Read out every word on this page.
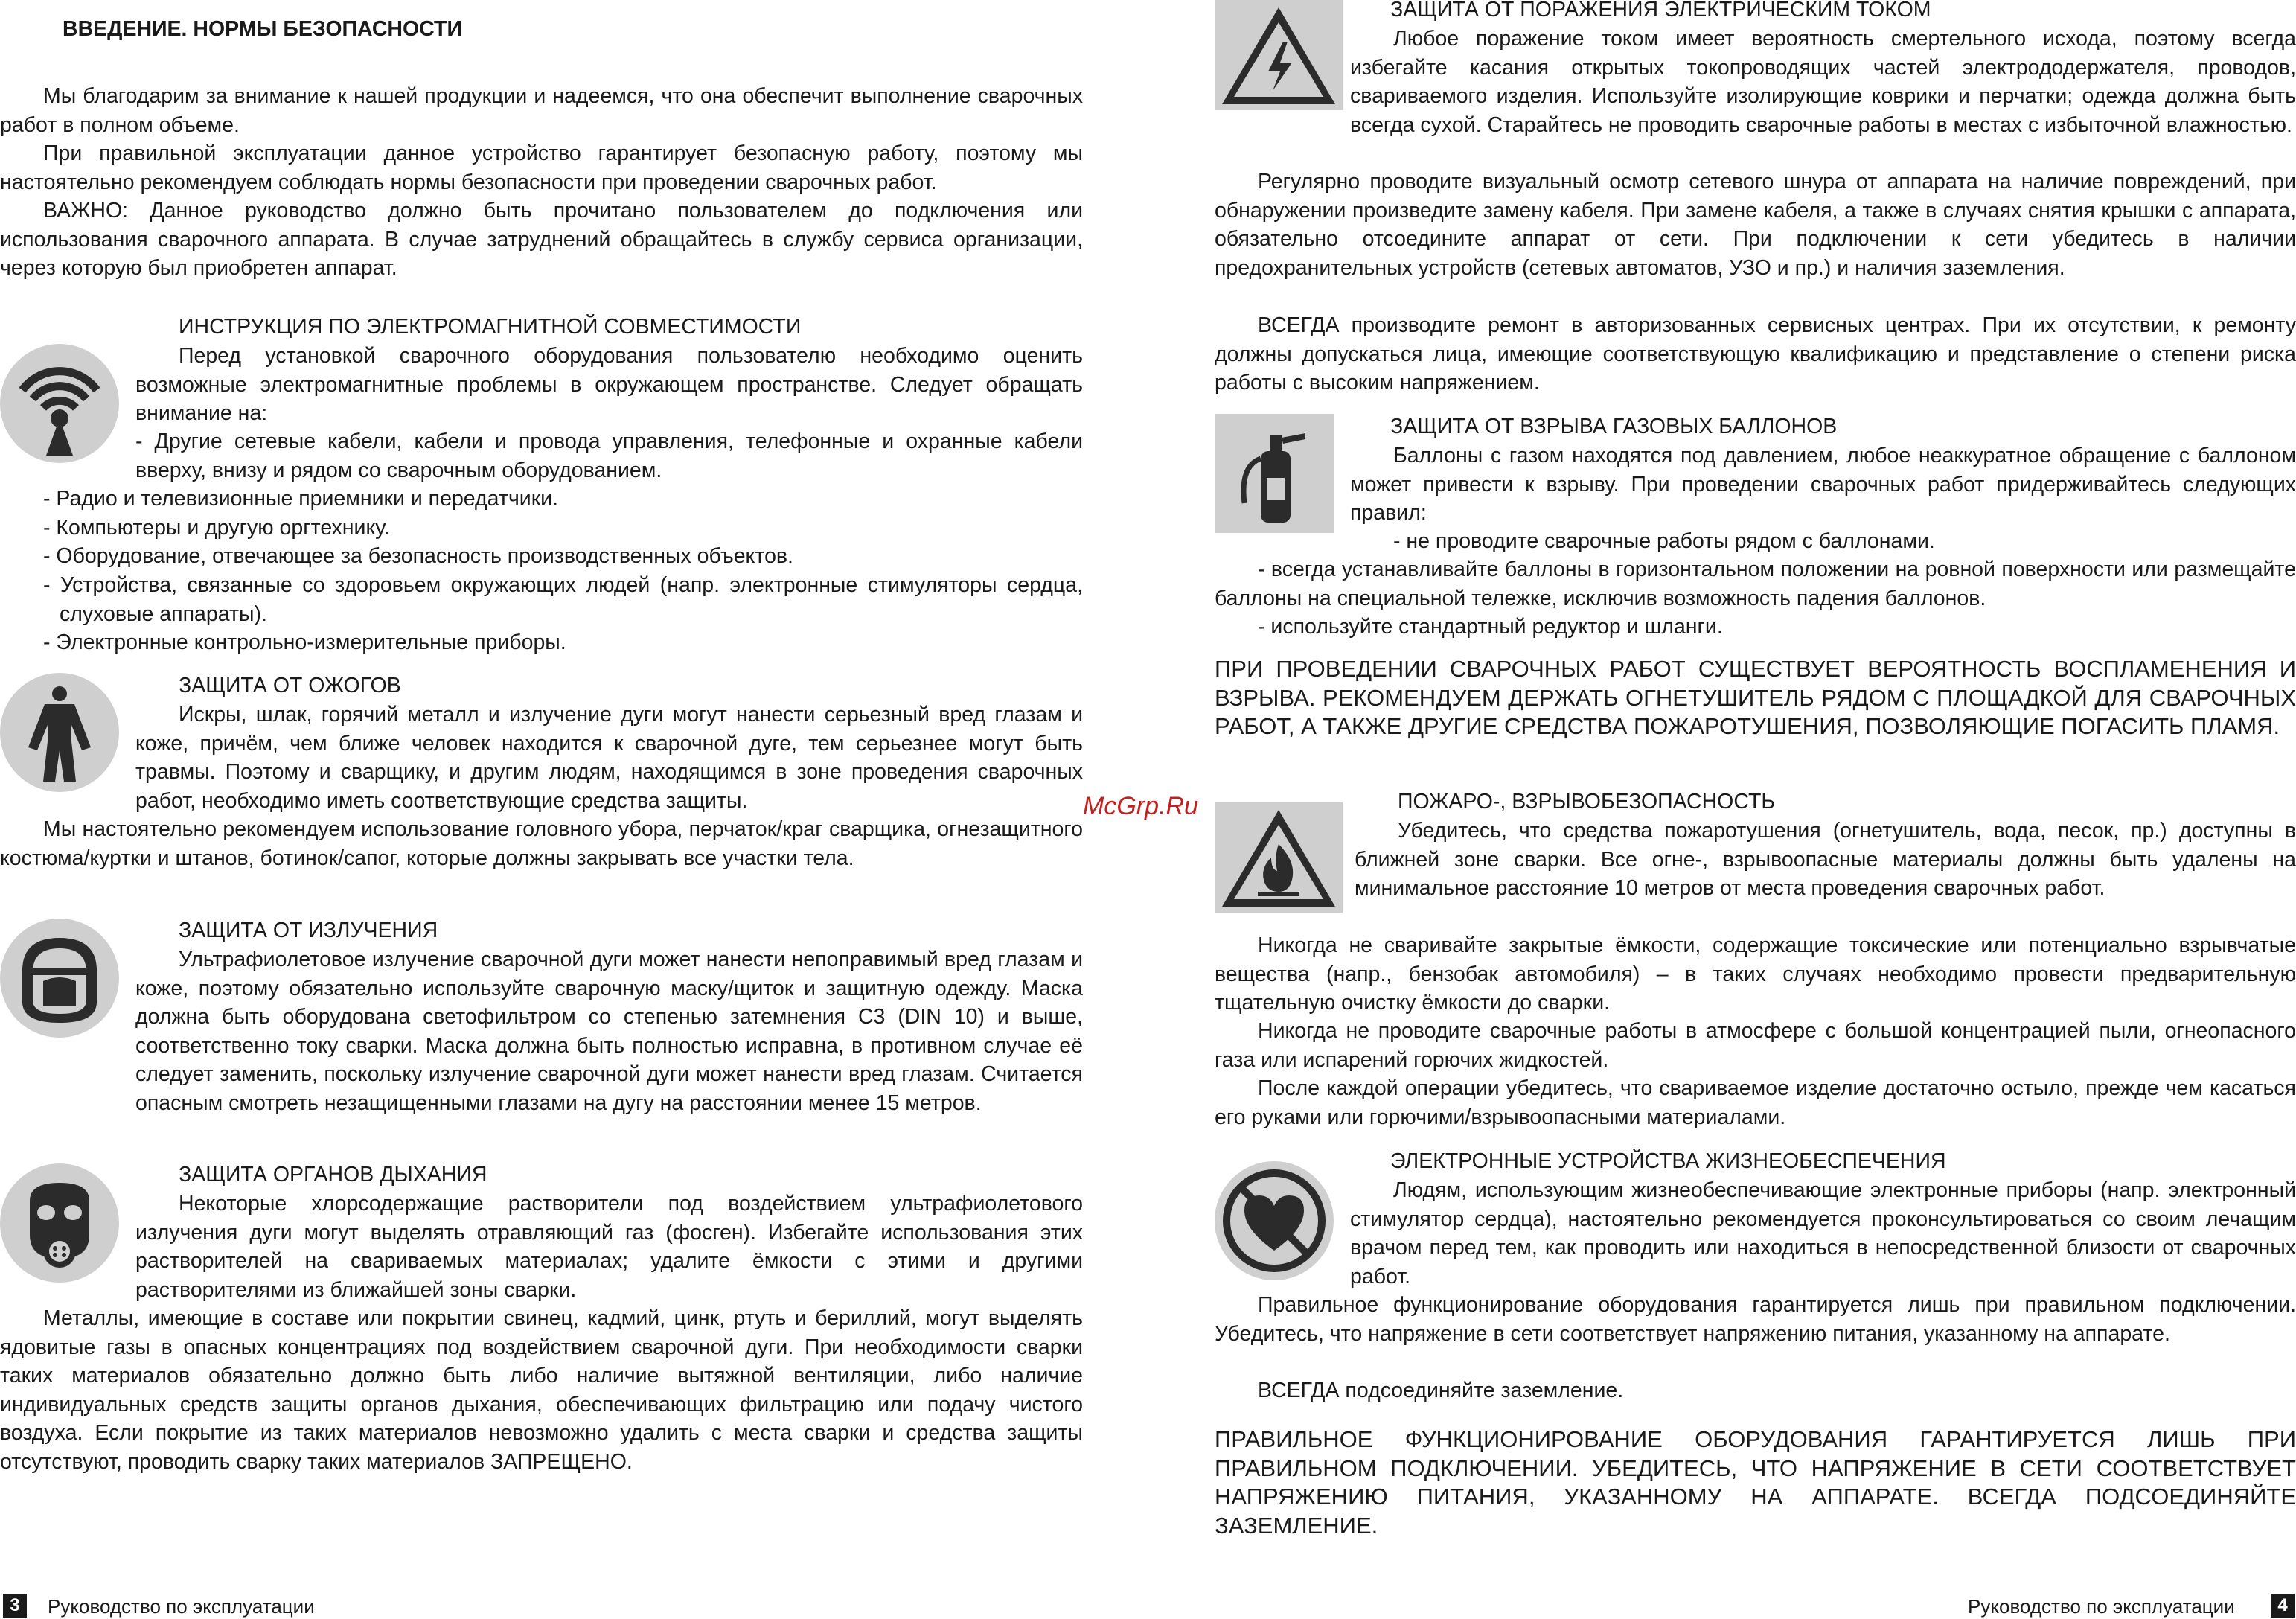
ВВЕДЕНИЕ. НОРМЫ БЕЗОПАСНОСТИ

Мы благодарим за внимание к нашей продукции и надеемся, что она обеспечит выполнение сварочных работ в полном объеме.

При правильной эксплуатации данное устройство гарантирует безопасную работу, поэтому мы настоятельно рекомендуем соблюдать нормы безопасности при проведении сварочных работ.

ВАЖНО: Данное руководство должно быть прочитано пользователем до подключения или использования сварочного аппарата. В случае затруднений обращайтесь в службу сервиса организации, через которую был приобретен аппарат.

ИНСТРУКЦИЯ ПО ЭЛЕКТРОМАГНИТНОЙ СОВМЕСТИМОСТИ

Перед установкой сварочного оборудования пользователю необходимо оценить возможные электромагнитные проблемы в окружающем пространстве. Следует обращать внимание на:

- Другие сетевые кабели, кабели и провода управления, телефонные и охранные кабели вверху, внизу и рядом со сварочным оборудованием.

- Радио и телевизионные приемники и передатчики.

- Компьютеры и другую оргтехнику.

- Оборудование, отвечающее за безопасность производственных объектов.

- Устройства, связанные со здоровьем окружающих людей (напр. электронные стимуляторы сердца, слуховые аппараты).

- Электронные контрольно-измерительные приборы.

ЗАЩИТА ОТ ОЖОГОВ

Искры, шлак, горячий металл и излучение дуги могут нанести серьезный вред глазам и коже, причём, чем ближе человек находится к сварочной дуге, тем серьезнее могут быть травмы. Поэтому и сварщику, и другим людям, находящимся в зоне проведения сварочных работ, необходимо иметь соответствующие средства защиты.

Мы настоятельно рекомендуем использование головного убора, перчаток/краг сварщика, огнезащитного костюма/куртки и штанов, ботинок/сапог, которые должны закрывать все участки тела.

ЗАЩИТА ОТ ИЗЛУЧЕНИЯ
ЗАЩИТА ОРГАНОВ ДЫХАНИЯ

Некоторые хлорсодержащие растворители под воздействием ультрафиолетового излучения дуги могут выделять отравляющий газ (фосген). Избегайте использования этих растворителей на свариваемых материалах; удалите ёмкости с этими и другими растворителями из ближайшей зоны сварки.

Металлы, имеющие в составе или покрытии свинец, кадмий, цинк, ртуть и бериллий, могут выделять ядовитые газы в опасных концентрациях под воздействием сварочной дуги. При необходимости сварки таких материалов обязательно должно быть либо наличие вытяжной вентиляции, либо наличие индивидуальных средств защиты органов дыхания, обеспечивающих фильтрацию или подачу чистого воздуха. Если покрытие из таких материалов невозможно удалить с места сварки и средства защиты отсутствуют, проводить сварку таких материалов ЗАПРЕЩЕНО.

3	Руководство по эксплуатации

Ультрафиолетовое излучение сварочной дуги может нанести непоправимый вред глазам и коже, поэтому обязательно используйте сварочную маску/щиток и защитную одежду. Маска должна быть оборудована светофильтром со степенью затемнения C3 (DIN 10) и выше, соответственно току сварки. Маска должна быть полностью исправна, в противном случае её следует заменить, поскольку излучение сварочной дуги может нанести вред глазам. Считается опасным смотреть незащищенными глазами на дугу на расстоянии менее 15 метров.

McGrp.Ru
ЗАЩИТА ОТ ПОРАЖЕНИЯ ЭЛЕКТРИЧЕСКИМ ТОКОМ

Любое поражение током имеет вероятность смертельного исхода, поэтому всегда избегайте касания открытых токопроводящих частей электрододержателя, проводов, свариваемого изделия. Используйте изолирующие коврики и перчатки; одежда должна быть всегда сухой. Старайтесь не проводить сварочные работы в местах с избыточной влажностью.

Регулярно проводите визуальный осмотр сетевого шнура от аппарата на наличие повреждений, при обнаружении произведите замену кабеля. При замене кабеля, а также в случаях снятия крышки с аппарата, обязательно отсоедините аппарат от сети. При подключении к сети убедитесь в наличии предохранительных устройств (сетевых автоматов, УЗО и пр.) и наличия заземления.

ВСЕГДА производите ремонт в авторизованных сервисных центрах. При их отсутствии, к ремонту должны допускаться лица, имеющие соответствующую квалификацию и представление о степени риска работы с высоким напряжением.

ЗАЩИТА ОТ ВЗРЫВА ГАЗОВЫХ БАЛЛОНОВ

Баллоны с газом находятся под давлением, любое неаккуратное обращение с баллоном может привести к взрыву. При проведении сварочных работ придерживайтесь следующих правил:

- не проводите сварочные работы рядом с баллонами.

- всегда устанавливайте баллоны в горизонтальном положении на ровной поверхности или размещайте баллоны на специальной тележке, исключив возможность падения баллонов.

- используйте стандартный редуктор и шланги.

ПРИ ПРОВЕДЕНИИ СВАРОЧНЫХ РАБОТ СУЩЕСТВУЕТ ВЕРОЯТНОСТЬ ВОСПЛАМЕНЕНИЯ И ВЗРЫВА. РЕКОМЕНДУЕМ ДЕРЖАТЬ ОГНЕТУШИТЕЛЬ РЯДОМ С ПЛОЩАДКОЙ ДЛЯ СВАРОЧНЫХ РАБОТ, А ТАКЖЕ ДРУГИЕ СРЕДСТВА ПОЖАРОТУШЕНИЯ, ПОЗВОЛЯЮЩИЕ ПОГАСИТЬ ПЛАМЯ.

ПОЖАРО-, ВЗРЫВОБЕЗОПАСНОСТЬ

Убедитесь, что средства пожаротушения (огнетушитель, вода, песок, пр.) доступны в ближней зоне сварки. Все огне-, взрывоопасные материалы должны быть удалены на минимальное расстояние 10 метров от места проведения сварочных работ.

Никогда не сваривайте закрытые ёмкости, содержащие токсические или потенциально взрывчатые вещества (напр., бензобак автомобиля) – в таких случаях необходимо провести предварительную тщательную очистку ёмкости до сварки.

Никогда не проводите сварочные работы в атмосфере с большой концентрацией пыли, огнеопасного газа или испарений горючих жидкостей.

После каждой операции убедитесь, что свариваемое изделие достаточно остыло, прежде чем касаться его руками или горючими/взрывоопасными материалами.

ЭЛЕКТРОННЫЕ УСТРОЙСТВА ЖИЗНЕОБЕСПЕЧЕНИЯ

Людям, использующим жизнеобеспечивающие электронные приборы (напр. электронный стимулятор сердца), настоятельно рекомендуется проконсультироваться со своим лечащим врачом перед тем, как проводить или находиться в непосредственной близости от сварочных работ.

Правильное функционирование оборудования гарантируется лишь при правильном подключении. Убедитесь, что напряжение в сети соответствует напряжению питания, указанному на аппарате.

ВСЕГДА подсоединяйте заземление.

ПРАВИЛЬНОЕ ФУНКЦИОНИРОВАНИЕ ОБОРУДОВАНИЯ ГАРАНТИРУЕТСЯ ЛИШЬ ПРИ ПРАВИЛЬНОМ ПОДКЛЮЧЕНИИ. УБЕДИТЕСЬ, ЧТО НАПРЯЖЕНИЕ В СЕТИ СООТВЕТСТВУЕТ НАПРЯЖЕНИЮ ПИТАНИЯ, УКАЗАННОМУ НА АППАРАТЕ. ВСЕГДА ПОДСОЕДИНЯЙТЕ ЗАЗЕМЛЕНИЕ.

Руководство по эксплуатации	4
